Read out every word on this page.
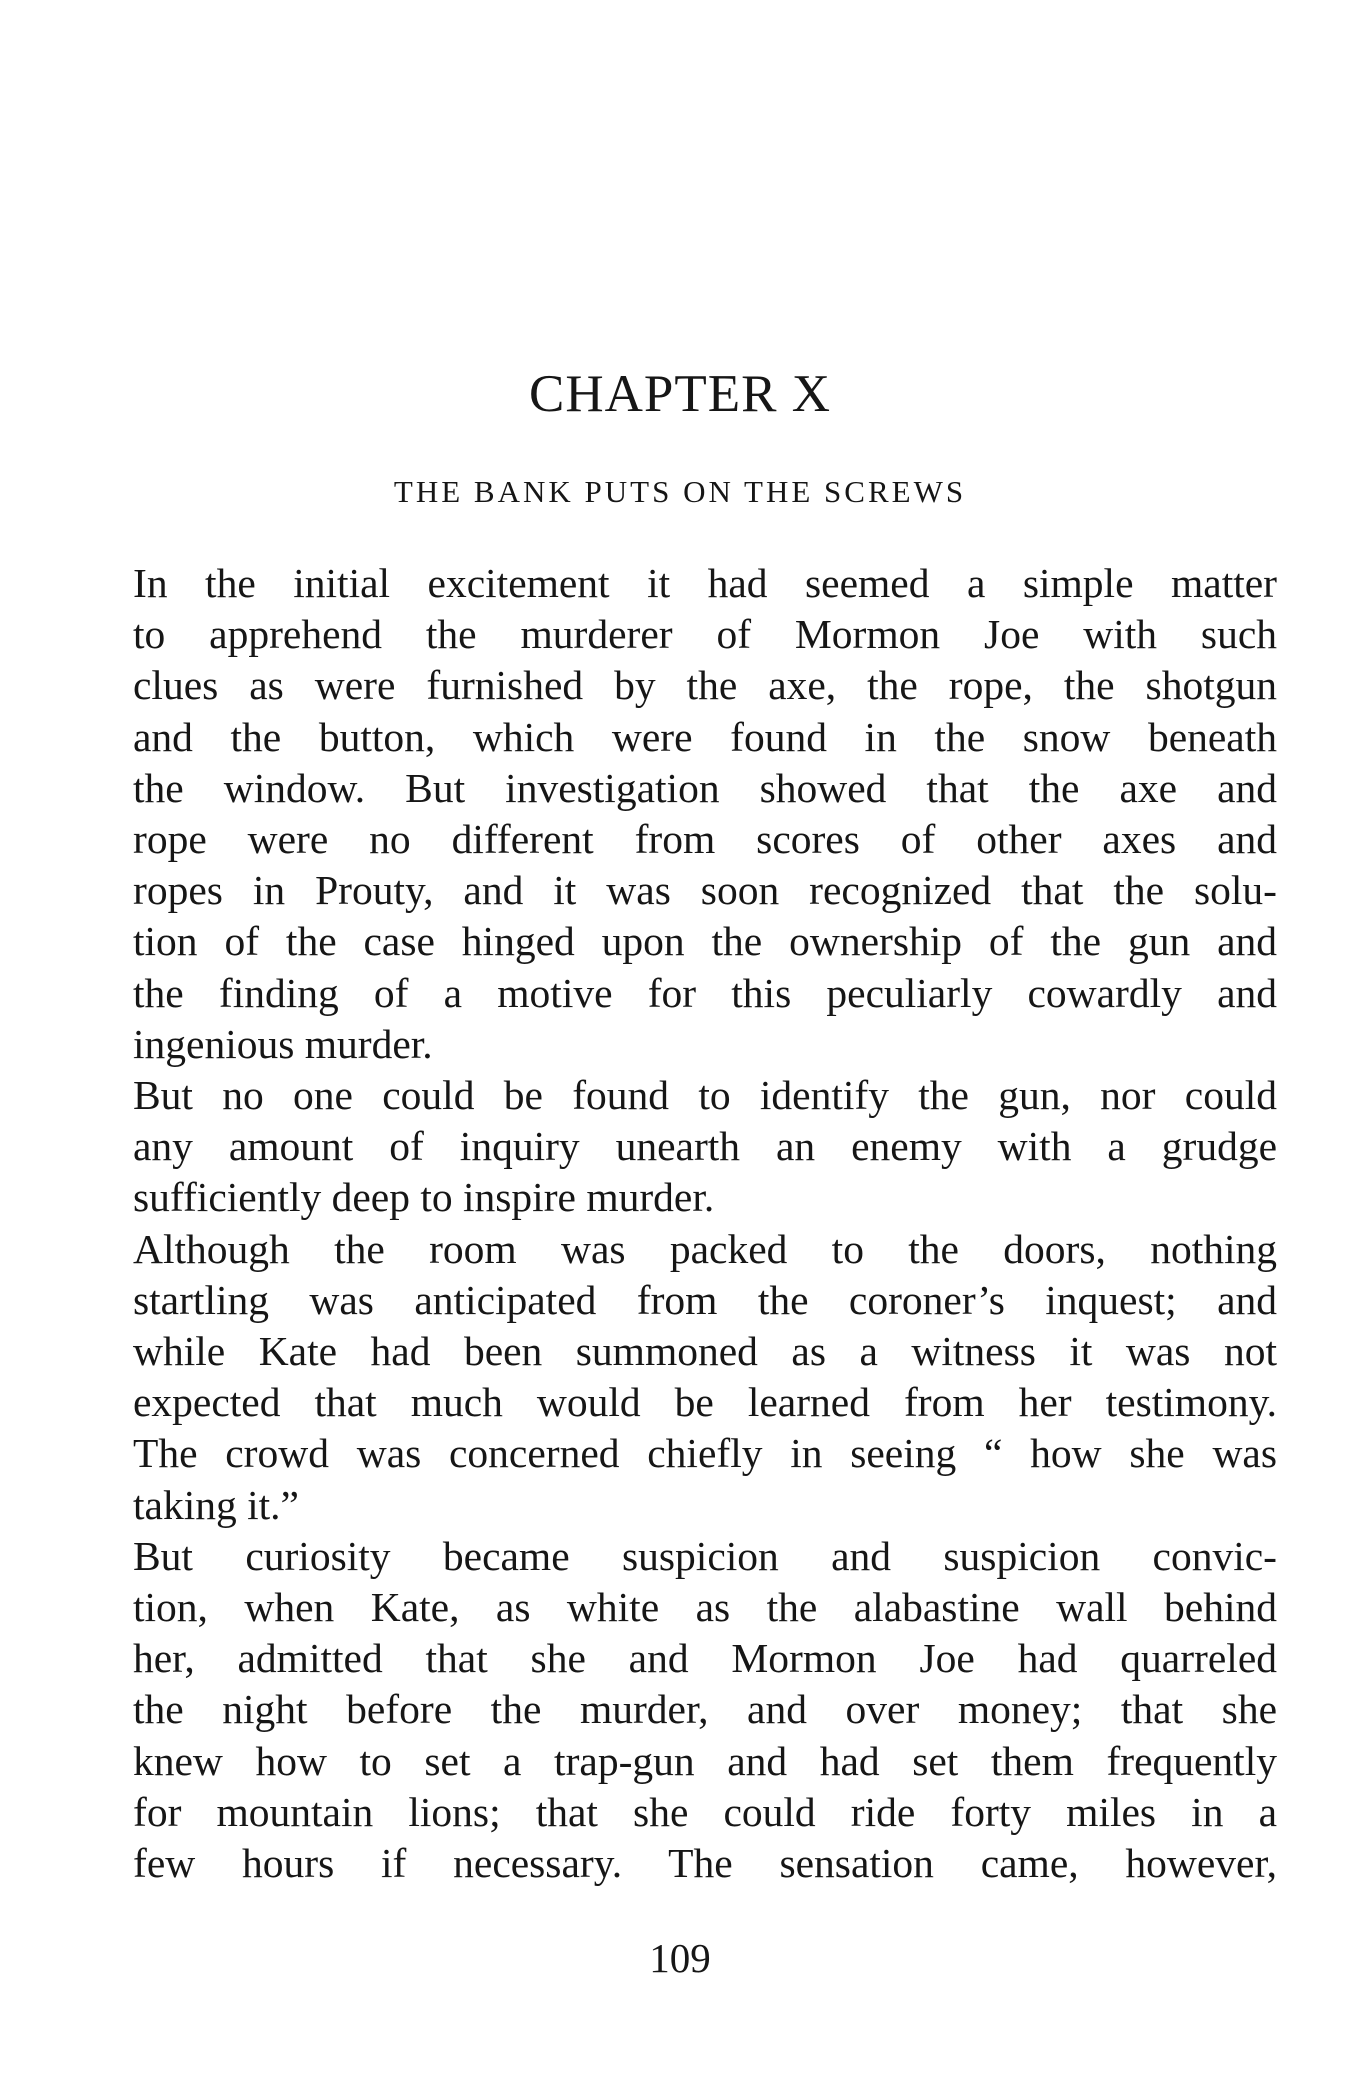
CHAPTER X
THE BANK PUTS ON THE SCREWS

In the initial excitement it had seemed a simple matter
to apprehend the murderer of Mormon Joe with such
clues as were furnished by the axe, the rope, the shotgun
and the button, which were found in the snow beneath
the window. But investigation showed that the axe and
rope were no different from scores of other axes and
ropes in Prouty, and it was soon recognized that the solu-
tion of the case hinged upon the ownership of the gun and
the finding of a motive for this peculiarly cowardly and
ingenious murder.

But no one could be found to identify the gun, nor could
any amount of inquiry unearth an enemy with a grudge
sufficiently deep to inspire murder.

Although the room was packed to the doors, nothing
startling was anticipated from the coroner’s inquest; and
while Kate had been summoned as a witness it was not
expected that much would be learned from her testimony.
The crowd was concerned chiefly in seeing “ how she was
taking it.”

But curiosity became suspicion and suspicion convic-
tion, when Kate, as white as the alabastine wall behind
her, admitted that she and Mormon Joe had quarreled
the night before the murder, and over money; that she
knew how to set a trap-gun and had set them frequently
for mountain lions; that she could ride forty miles in a
few hours if necessary. The sensation came, however,

109
